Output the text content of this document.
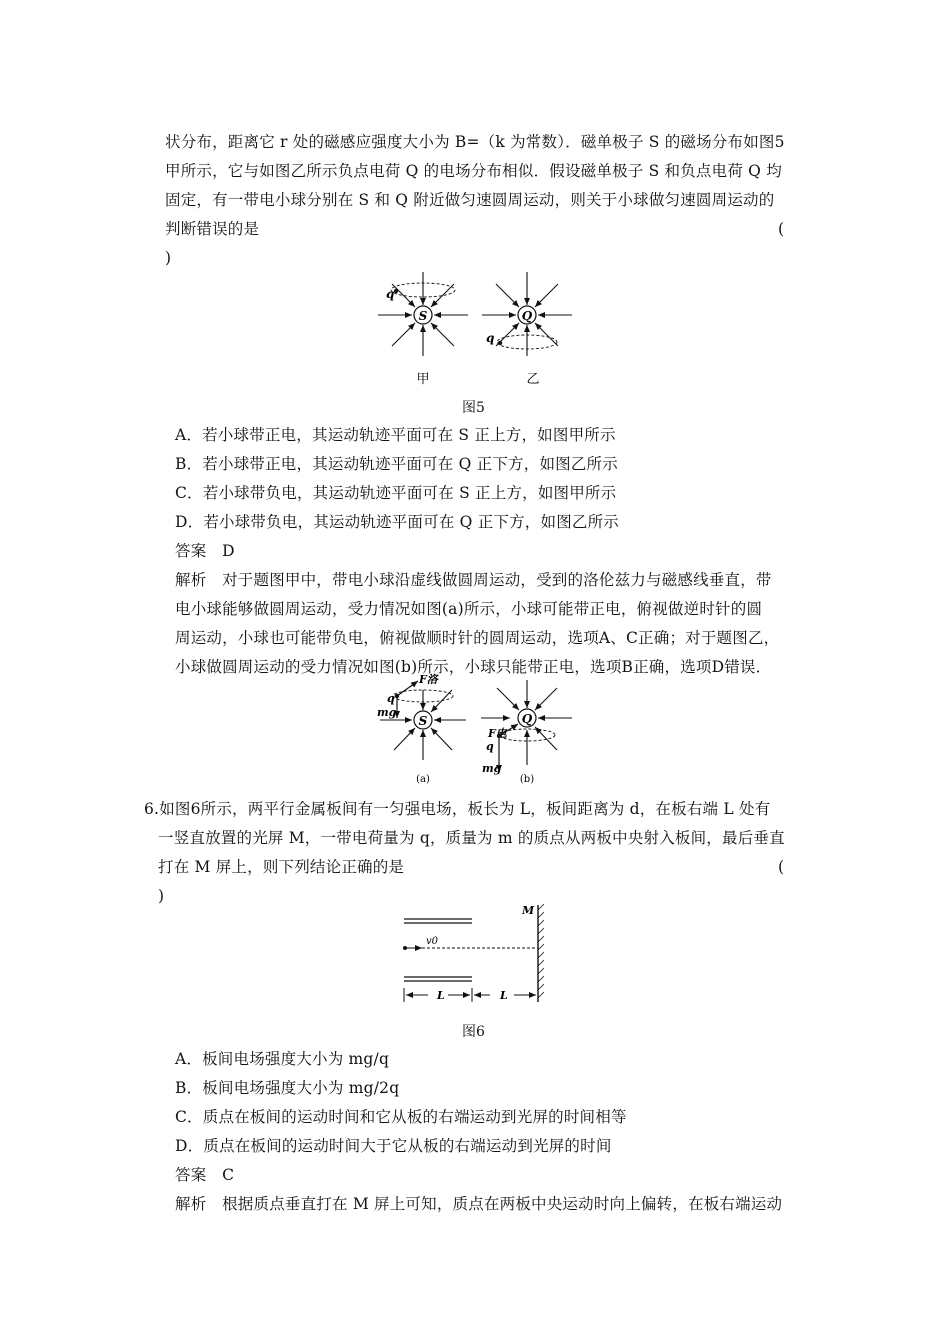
状分布，距离它 r 处的磁感应强度大小为 B=（k 为常数）．磁单极子 S 的磁场分布如图5
甲所示，它与如图乙所示负点电荷 Q 的电场分布相似．假设磁单极子 S 和负点电荷 Q 均
固定，有一带电小球分别在 S 和 Q 附近做匀速圆周运动，则关于小球做匀速圆周运动的
判断错误的是	(
)
S
q
Q
q
甲	乙
图5
A．若小球带正电，其运动轨迹平面可在 S 正上方，如图甲所示
B．若小球带正电，其运动轨迹平面可在 Q 正下方，如图乙所示
C．若小球带负电，其运动轨迹平面可在 S 正上方，如图甲所示
D．若小球带负电，其运动轨迹平面可在 Q 正下方，如图乙所示
答案　D
解析　对于题图甲中，带电小球沿虚线做圆周运动，受到的洛伦兹力与磁感线垂直，带
电小球能够做圆周运动，受力情况如图(a)所示，小球可能带正电，俯视做逆时针的圆
周运动，小球也可能带负电，俯视做顺时针的圆周运动，选项A、C正确；对于题图乙，
小球做圆周运动的受力情况如图(b)所示，小球只能带正电，选项B正确，选项D错误．
S
F洛
q
mg
(a)
Q
F电
q
mg
(b)
6.如图6所示，两平行金属板间有一匀强电场，板长为 L，板间距离为 d，在板右端 L 处有
一竖直放置的光屏 M，一带电荷量为 q，质量为 m 的质点从两板中央射入板间，最后垂直
打在 M 屏上，则下列结论正确的是	(
)
v0
M
L	L
图6
A．板间电场强度大小为 mg/q
B．板间电场强度大小为 mg/2q
C．质点在板间的运动时间和它从板的右端运动到光屏的时间相等
D．质点在板间的运动时间大于它从板的右端运动到光屏的时间
答案　C
解析　根据质点垂直打在 M 屏上可知，质点在两板中央运动时向上偏转，在板右端运动
